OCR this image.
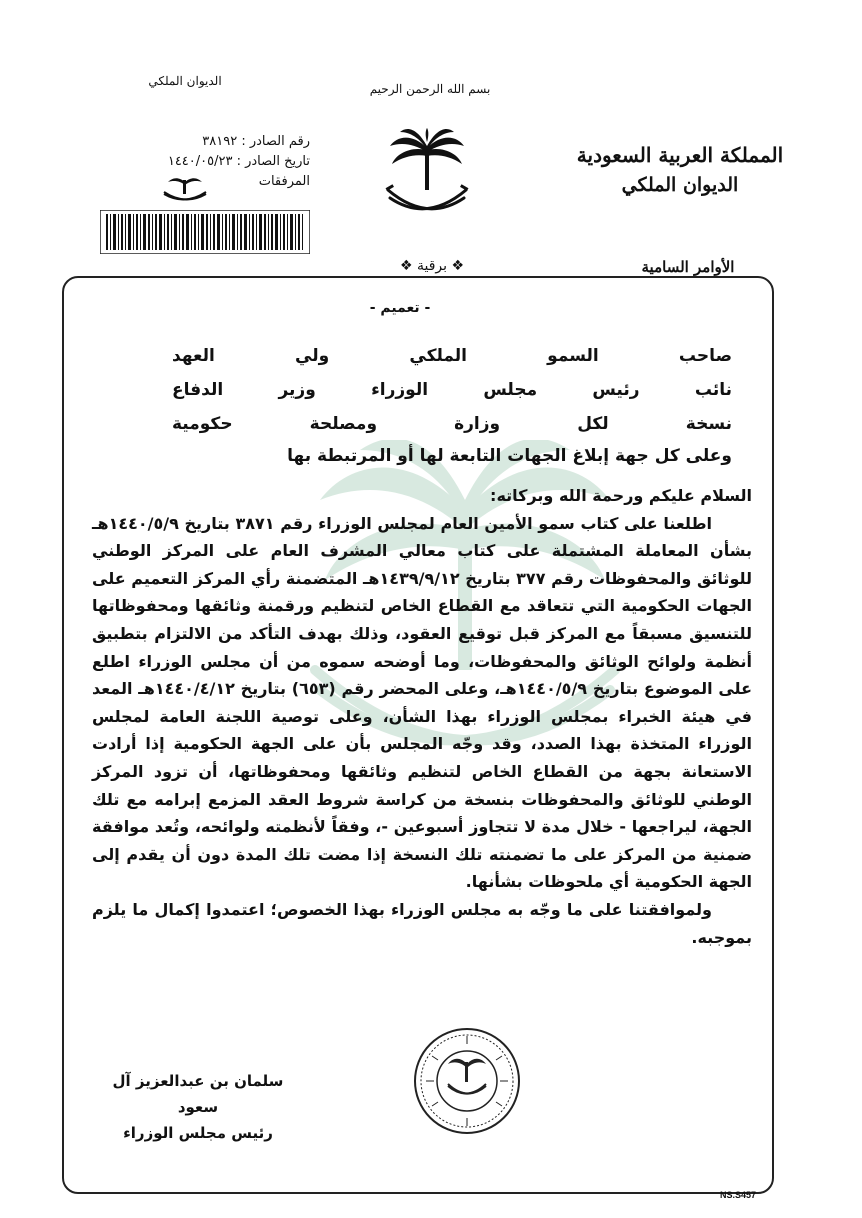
الديوان الملكي
بسم الله الرحمن الرحيم
المملكة العربية السعودية
الديوان الملكي
رقم الصادر : ٣٨١٩٢
تاريخ الصادر : ١٤٤٠/٠٥/٢٣
المرفقات
❖ برقية ❖	الأوامر السامية
- تعميم -
صاحب السمو الملكي ولي العهد
نائب رئيس مجلس الوزراء وزير الدفاع
نسخة لكل وزارة ومصلحة حكومية
وعلى كل جهة إبلاغ الجهات التابعة لها أو المرتبطة بها

السلام عليكم ورحمة الله وبركاته:

اطلعنا على كتاب سمو الأمين العام لمجلس الوزراء رقم ٣٨٧١ بتاريخ ١٤٤٠/٥/٩هـ بشأن المعاملة المشتملة على كتاب معالي المشرف العام على المركز الوطني للوثائق والمحفوظات رقم ٣٧٧ بتاريخ ١٤٣٩/٩/١٢هـ المتضمنة رأي المركز التعميم على الجهات الحكومية التي تتعاقد مع القطاع الخاص لتنظيم ورقمنة وثائقها ومحفوظاتها للتنسيق مسبقاً مع المركز قبل توقيع العقود، وذلك بهدف التأكد من الالتزام بتطبيق أنظمة ولوائح الوثائق والمحفوظات، وما أوضحه سموه من أن مجلس الوزراء اطلع على الموضوع بتاريخ ١٤٤٠/٥/٩هـ، وعلى المحضر رقم (٦٥٣) بتاريخ ١٤٤٠/٤/١٢هـ المعد في هيئة الخبراء بمجلس الوزراء بهذا الشأن، وعلى توصية اللجنة العامة لمجلس الوزراء المتخذة بهذا الصدد، وقد وجّه المجلس بأن على الجهة الحكومية إذا أرادت الاستعانة بجهة من القطاع الخاص لتنظيم وثائقها ومحفوظاتها، أن تزود المركز الوطني للوثائق والمحفوظات بنسخة من كراسة شروط العقد المزمع إبرامه مع تلك الجهة، ليراجعها - خلال مدة لا تتجاوز أسبوعين -، وفقاً لأنظمته ولوائحه، وتُعد موافقة ضمنية من المركز على ما تضمنته تلك النسخة إذا مضت تلك المدة دون أن يقدم إلى الجهة الحكومية أي ملحوظات بشأنها.

ولموافقتنا على ما وجّه به مجلس الوزراء بهذا الخصوص؛ اعتمدوا إكمال ما يلزم بموجبه.

سلمان بن عبدالعزيز آل سعود
رئيس مجلس الوزراء
NS.S457
